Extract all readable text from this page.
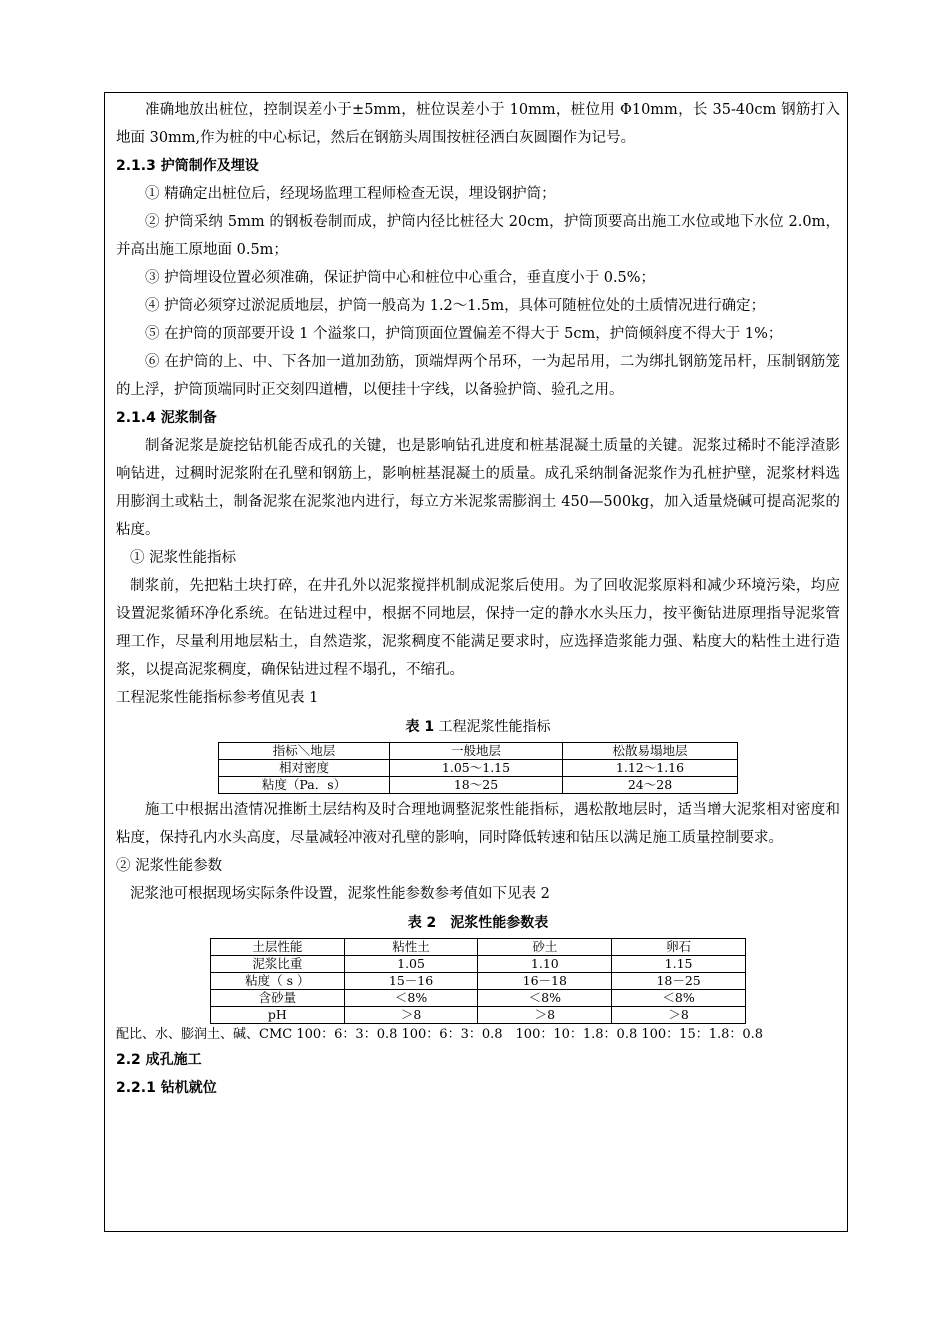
准确地放出桩位，控制误差小于±5mm，桩位误差小于 10mm，桩位用 Φ10mm，长 35-40cm 钢筋打入地面 30mm,作为桩的中心标记，然后在钢筋头周围按桩径洒白灰圆圈作为记号。

2.1.3 护筒制作及埋设

① 精确定出桩位后，经现场监理工程师检查无误，埋设钢护筒；

② 护筒采纳 5mm 的钢板卷制而成，护筒内径比桩径大 20cm，护筒顶要高出施工水位或地下水位 2.0m，并高出施工原地面 0.5m；

③ 护筒埋设位置必须准确，保证护筒中心和桩位中心重合，垂直度小于 0.5%；

④ 护筒必须穿过淤泥质地层，护筒一般高为 1.2～1.5m，具体可随桩位处的土质情况进行确定；

⑤ 在护筒的顶部要开设 1 个溢浆口，护筒顶面位置偏差不得大于 5cm，护筒倾斜度不得大于 1%；

⑥ 在护筒的上、中、下各加一道加劲筋，顶端焊两个吊环，一为起吊用，二为绑扎钢筋笼吊杆，压制钢筋笼的上浮，护筒顶端同时正交刻四道槽，以便挂十字线，以备验护筒、验孔之用。

2.1.4 泥浆制备

制备泥浆是旋挖钻机能否成孔的关键，也是影响钻孔进度和桩基混凝土质量的关键。泥浆过稀时不能浮渣影响钻进，过稠时泥浆附在孔壁和钢筋上，影响桩基混凝土的质量。成孔采纳制备泥浆作为孔桩护壁，泥浆材料选用膨润土或粘土，制备泥浆在泥浆池内进行，每立方米泥浆需膨润土 450—500kg，加入适量烧碱可提高泥浆的粘度。

① 泥浆性能指标

制浆前，先把粘土块打碎，在井孔外以泥浆搅拌机制成泥浆后使用。为了回收泥浆原料和减少环境污染，均应设置泥浆循环净化系统。在钻进过程中，根据不同地层，保持一定的静水水头压力，按平衡钻进原理指导泥浆管理工作，尽量利用地层粘土，自然造浆，泥浆稠度不能满足要求时，应选择造浆能力强、粘度大的粘性土进行造浆，以提高泥浆稠度，确保钻进过程不塌孔，不缩孔。

工程泥浆性能指标参考值见表 1

表 1 工程泥浆性能指标
指标＼地层	一般地层	松散易塌地层
相对密度	1.05～1.15	1.12～1.16
粘度（Pa．s）	18～25	24～28

施工中根据出渣情况推断土层结构及时合理地调整泥浆性能指标，遇松散地层时，适当增大泥浆相对密度和粘度，保持孔内水头高度，尽量减轻冲液对孔壁的影响，同时降低转速和钻压以满足施工质量控制要求。

② 泥浆性能参数

泥浆池可根据现场实际条件设置，泥浆性能参数参考值如下见表 2

表 2　泥浆性能参数表
土层性能	粘性土	砂土	卵石
泥浆比重	1.05	1.10	1.15
粘度（ s ）	15－16	16－18	18－25
含砂量	＜8%	＜8%	＜8%
pH	＞8	＞8	＞8

配比、水、膨润土、碱、CMC 100：6：3：0.8 100：6：3：0.8　100：10：1.8：0.8 100：15：1.8：0.8

2.2 成孔施工

2.2.1 钻机就位
